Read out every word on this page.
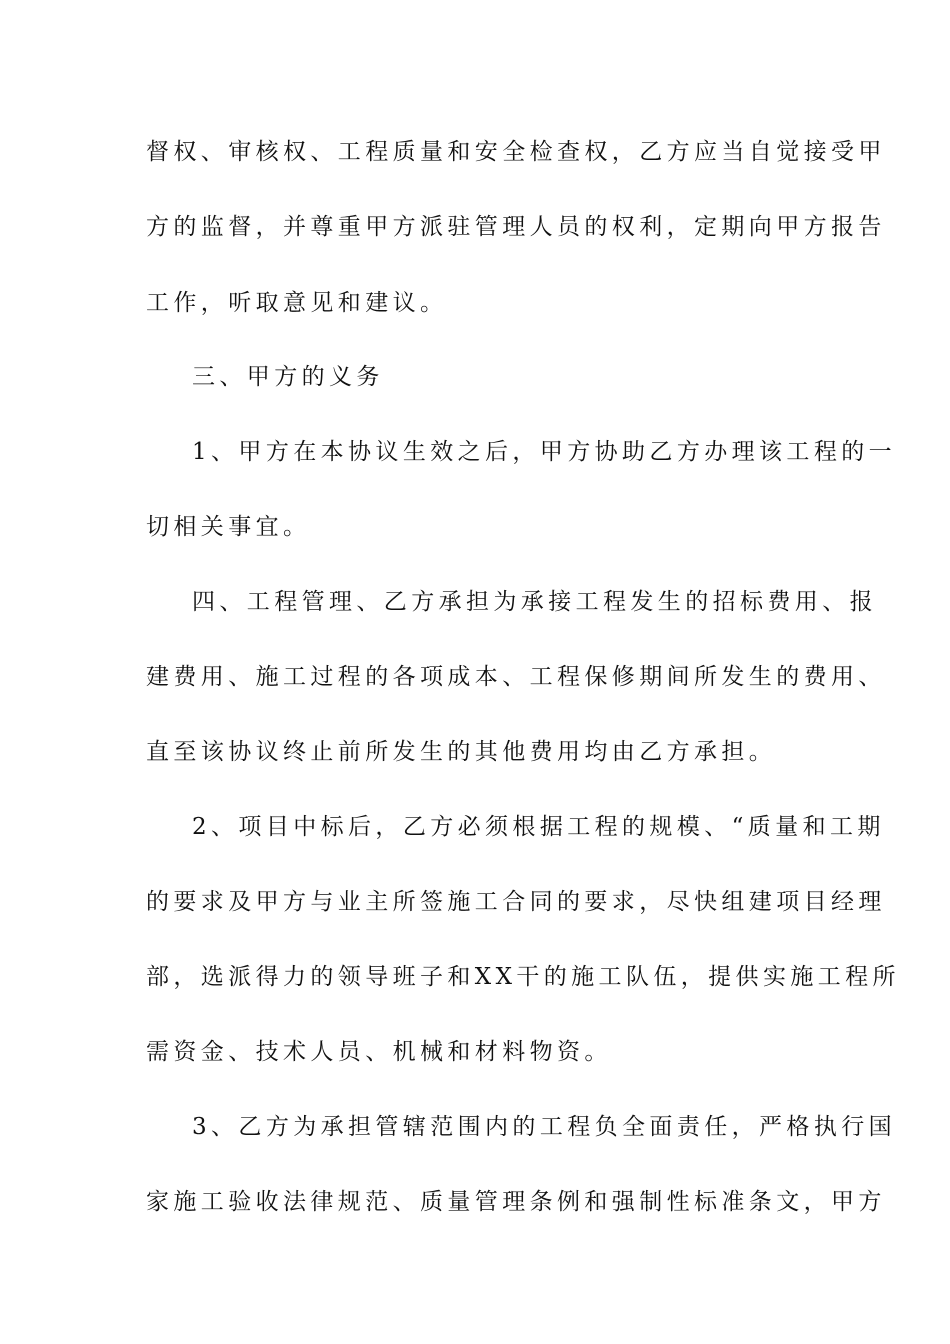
督权、审核权、工程质量和安全检查权，乙方应当自觉接受甲
方的监督，并尊重甲方派驻管理人员的权利，定期向甲方报告
工作，听取意见和建议。
三、甲方的义务
1、甲方在本协议生效之后，甲方协助乙方办理该工程的一
切相关事宜。
四、工程管理、乙方承担为承接工程发生的招标费用、报
建费用、施工过程的各项成本、工程保修期间所发生的费用、
直至该协议终止前所发生的其他费用均由乙方承担。
2、项目中标后，乙方必须根据工程的规模、“质量和工期
的要求及甲方与业主所签施工合同的要求，尽快组建项目经理
部，选派得力的领导班子和XX干的施工队伍，提供实施工程所
需资金、技术人员、机械和材料物资。
3、乙方为承担管辖范围内的工程负全面责任，严格执行国
家施工验收法律规范、质量管理条例和强制性标准条文，甲方
